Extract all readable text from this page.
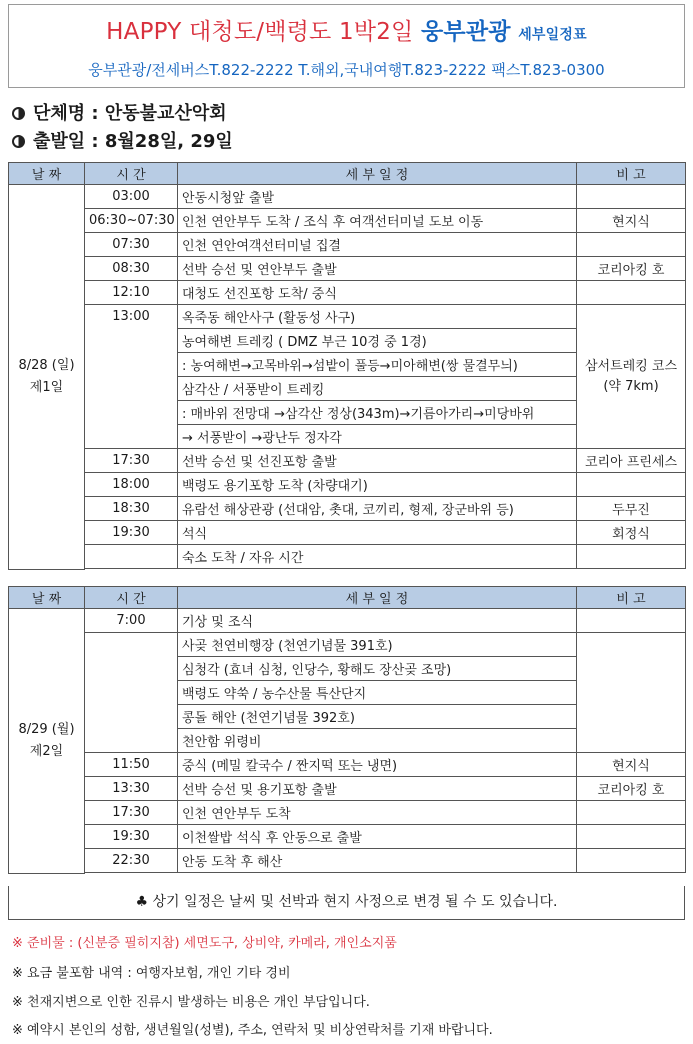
HAPPY 대청도/백령도 1박2일 웅부관광 세부일정표
웅부관광/전세버스T.822-2222 T.해외,국내여행T.823-2222 팩스T.823-0300
단체명 : 안동불교산악회
출발일 : 8월28일, 29일
날 짜	시 간	세 부 일 정	비 고
8/28 (일)
제1일	03:00	안동시청앞 출발	
	06:30~07:30	인천 연안부두 도착 / 조식 후 여객선터미널 도보 이동	현지식
	07:30	인천 연안여객선터미널 집결	
	08:30	선박 승선 및 연안부두 출발	코리아킹 호
	12:10	대청도 선진포항 도착/ 중식	
	13:00	옥죽동 해안사구 (활동성 사구)	삼서트레킹 코스
(약 7km)
		농여해변 트레킹 ( DMZ 부근 10경 중 1경)	
		: 농여해변→고목바위→섬밭이 풀등→미아해변(쌍 물결무늬)	
		삼각산 / 서풍받이 트레킹	
		: 매바위 전망대 →삼각산 정상(343m)→기름아가리→미당바위	
		→ 서풍받이 →광난두 정자각	
	17:30	선박 승선 및 선진포항 출발	코리아 프린세스
	18:00	백령도 용기포항 도착 (차량대기)	
	18:30	유람선 해상관광 (선대암, 촛대, 코끼리, 형제, 장군바위 등)	두무진
	19:30	석식	회정식
		숙소 도착 / 자유 시간	

날 짜	시 간	세 부 일 정	비 고
8/29 (월)
제2일	7:00	기상 및 조식	
		사곶 천연비행장 (천연기념물 391호)	
		심청각 (효녀 심청, 인당수, 황해도 장산곶 조망)	
		백령도 약쑥 / 농수산물 특산단지	
		콩돌 해안 (천연기념물 392호)	
		천안함 위령비	
	11:50	중식 (메밀 칼국수 / 짠지떡 또는 냉면)	현지식
	13:30	선박 승선 및 용기포항 출발	코리아킹 호
	17:30	인천 연안부두 도착	
	19:30	이천쌀밥 석식 후 안동으로 출발	
	22:30	안동 도착 후 해산	

♣ 상기 일정은 날씨 및 선박과 현지 사정으로 변경 될 수 도 있습니다.
※ 준비물 : (신분증 필히지참) 세면도구, 상비약, 카메라, 개인소지품
※ 요금 불포함 내역 : 여행자보험, 개인 기타 경비
※ 천재지변으로 인한 진류시 발생하는 비용은 개인 부담입니다.
※ 예약시 본인의 성함, 생년월일(성별), 주소, 연락처 및 비상연락처를 기재 바랍니다.
